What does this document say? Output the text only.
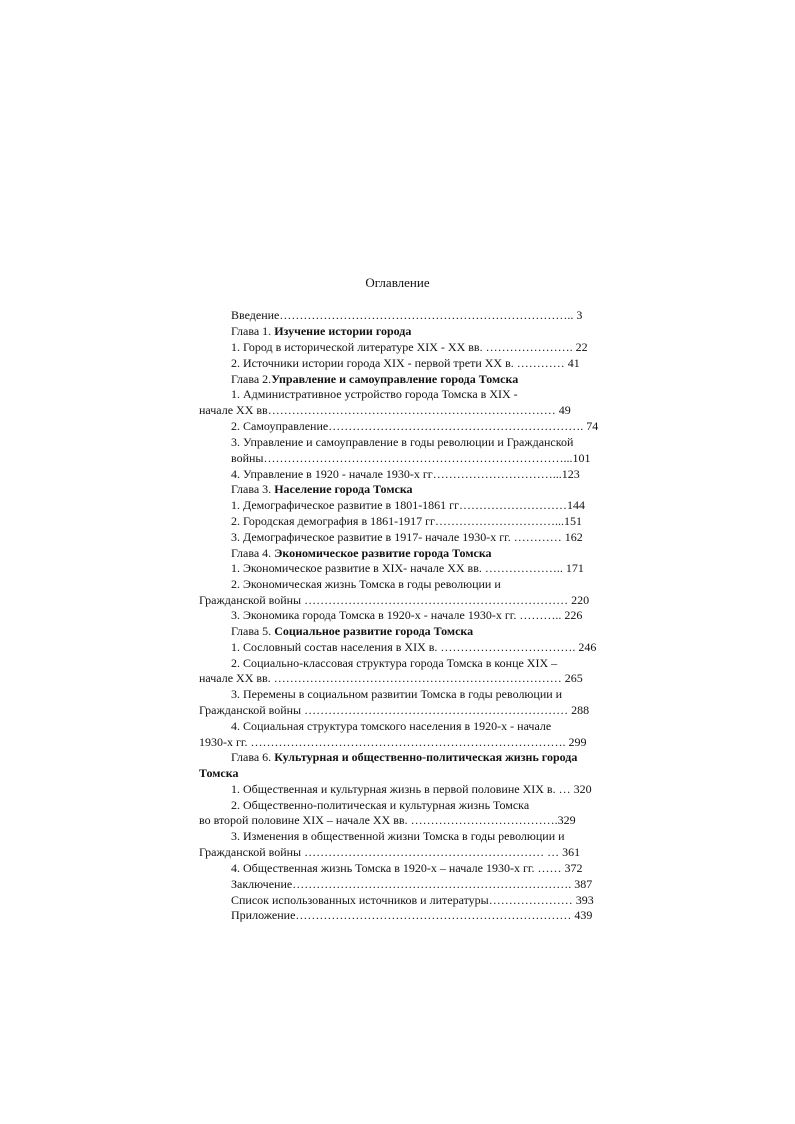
Оглавление
Введение……………………………………………………………….. 3
Глава 1. Изучение истории города
1. Город в исторической литературе XIX - XX вв. …………………. 22
2. Источники истории города XIX - первой трети XX в. ………… 41
Глава 2.Управление и самоуправление города Томска
1. Административное устройство города Томска в XIX -
начале XX вв……………………………………………………………… 49
2. Самоуправление………………………………………………………. 74
3. Управление и самоуправление в годы революции и Гражданской
войны…………………………………………………………………...101
4. Управление в 1920 - начале 1930-х гг…………………………...123
Глава 3. Население города Томска
1. Демографическое развитие в 1801-1861 гг………………………144
2. Городская демография в 1861-1917 гг…………………………...151
3. Демографическое развитие в 1917- начале 1930-х гг. ………… 162
Глава 4. Экономическое развитие города Томска
1. Экономическое развитие в XIX- начале XX вв. ……………….. 171
2. Экономическая жизнь Томска в годы революции и
Гражданской войны ………………………………………………………… 220
3. Экономика города Томска в 1920-х - начале 1930-х гг. ……….. 226
Глава 5. Социальное развитие города Томска
1. Сословный состав населения в XIX в. ……………………………. 246
2. Социально-классовая структура города Томска в конце XIX –
начале XX вв. ……………………………………………………………… 265
3. Перемены в социальном развитии Томска в годы революции и
Гражданской войны ………………………………………………………… 288
4. Социальная структура томского населения в 1920-х - начале
1930-х гг. ……………………………………………………………………. 299
Глава 6. Культурная и общественно-политическая жизнь города
Томска
1. Общественная и культурная жизнь в первой половине XIX в. … 320
2. Общественно-политическая и культурная жизнь Томска
во второй половине XIX – начале XX вв. ……………………………….329
3. Изменения в общественной жизни Томска в годы революции и
Гражданской войны …………………………………………………… … 361
4. Общественная жизнь Томска в 1920-х – начале 1930-х гг. …… 372
Заключение……………………………………………………………. 387
Список использованных источников и литературы………………… 393
Приложение…………………………………………………………… 439
